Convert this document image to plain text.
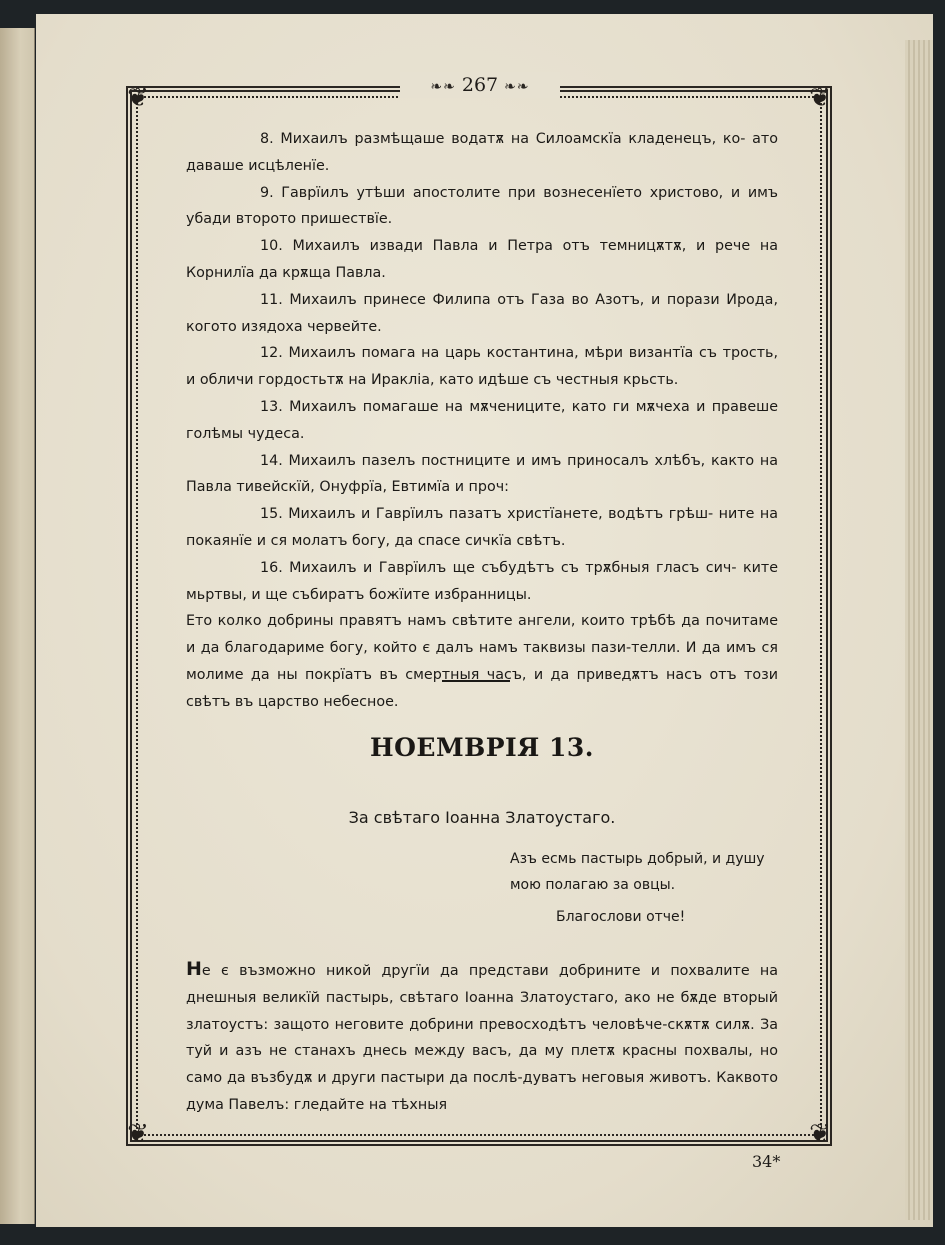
❦	❦
❦	❦
❧❧ 267 ❧❧

8. Михаилъ размѣщаше водатѫ на Силоамскїа кладенецъ, ко- ато даваше исцѣленїе.

9. Гаврїилъ утѣши апостолите при вознесенїето христово, и имъ убади второто пришествїе.

10. Михаилъ извади Павла и Петра отъ темницѫтѫ, и рече на Корнилїа да крѫща Павла.

11. Михаилъ принесе Филипа отъ Газа во Азотъ, и порази Ирода, когото изядоха червейте.

12. Михаилъ помага на царь костантина, мѣри византїа съ трость, и обличи гордостьтѫ на Иракліа, като идѣше съ честныя крьсть.

13. Михаилъ помагаше на мѫчениците, като ги мѫчеха и правеше голѣмы чудеса.

14. Михаилъ пазелъ постниците и имъ приносалъ хлѣбъ, както на Павла тивейскїй, Онуфрїа, Евтимїа и проч:

15. Михаилъ и Гаврїилъ пазатъ христїанете, водѣтъ грѣш- ните на покаянїе и ся молатъ богу, да спасе сичкїа свѣтъ.

16. Михаилъ и Гаврїилъ ще събудѣтъ съ трѫбныя гласъ сич- ките мьртвы, и ще събиратъ божїите избранницы.

Ето колко добрины правятъ намъ свѣтите ангели, които трѣбѣ да почитаме и да благодариме богу, който є далъ намъ таквизы пази-телли. И да имъ ся молиме да ны покрїатъ въ смертныя часъ, и да приведѫтъ насъ отъ този свѣтъ въ царство небесное.

НОЕМВРІЯ 13.
За свѣтаго Іоанна Златоустаго.
Азъ есмь пастырь добрый, и душу мою полагаю за овцы.
Благослови отче!

Не є възможно никой другїи да представи добрините и похвалите на днешныя великїй пастырь, свѣтаго Іоанна Златоустаго, ако не бѫде вторый златоустъ: защото неговите добрини превосходѣтъ человѣче-скѫтѫ силѫ. За туй и азъ не станахъ днесь между васъ, да му плетѫ красны похвалы, но само да възбудѫ и други пастыри да послѣ-дуватъ неговыя животъ. Каквото дума Павелъ: гледайте на тѣхныя

34*
